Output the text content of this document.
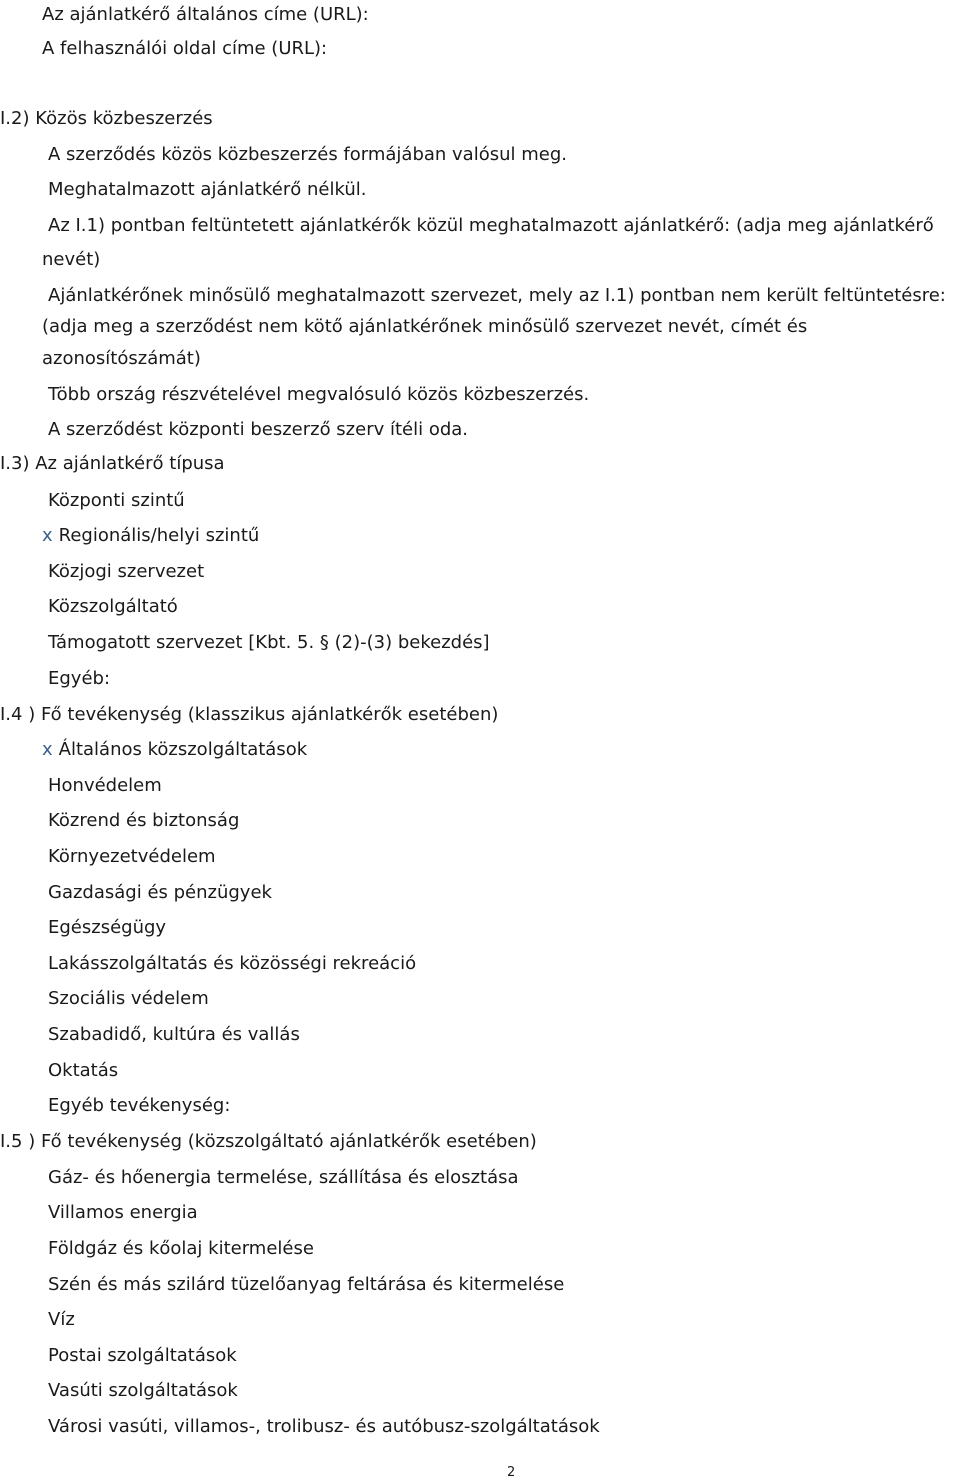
Az ajánlatkérő általános címe (URL):
A felhasználói oldal címe (URL):
I.2) Közös közbeszerzés
A szerződés közös közbeszerzés formájában valósul meg.
Meghatalmazott ajánlatkérő nélkül.
Az I.1) pontban feltüntetett ajánlatkérők közül meghatalmazott ajánlatkérő: (adja meg ajánlatkérő
nevét)
Ajánlatkérőnek minősülő meghatalmazott szervezet, mely az I.1) pontban nem került feltüntetésre:
(adja meg a szerződést nem kötő ajánlatkérőnek minősülő szervezet nevét, címét és
azonosítószámát)
Több ország részvételével megvalósuló közös közbeszerzés.
A szerződést központi beszerző szerv ítéli oda.
I.3) Az ajánlatkérő típusa
Központi szintű
x Regionális/helyi szintű
Közjogi szervezet
Közszolgáltató
Támogatott szervezet [Kbt. 5. § (2)-(3) bekezdés]
Egyéb:
I.4 ) Fő tevékenység (klasszikus ajánlatkérők esetében)
x Általános közszolgáltatások
Honvédelem
Közrend és biztonság
Környezetvédelem
Gazdasági és pénzügyek
Egészségügy
Lakásszolgáltatás és közösségi rekreáció
Szociális védelem
Szabadidő, kultúra és vallás
Oktatás
Egyéb tevékenység:
I.5 ) Fő tevékenység (közszolgáltató ajánlatkérők esetében)
Gáz- és hőenergia termelése, szállítása és elosztása
Villamos energia
Földgáz és kőolaj kitermelése
Szén és más szilárd tüzelőanyag feltárása és kitermelése
Víz
Postai szolgáltatások
Vasúti szolgáltatások
Városi vasúti, villamos-, trolibusz- és autóbusz-szolgáltatások
2
